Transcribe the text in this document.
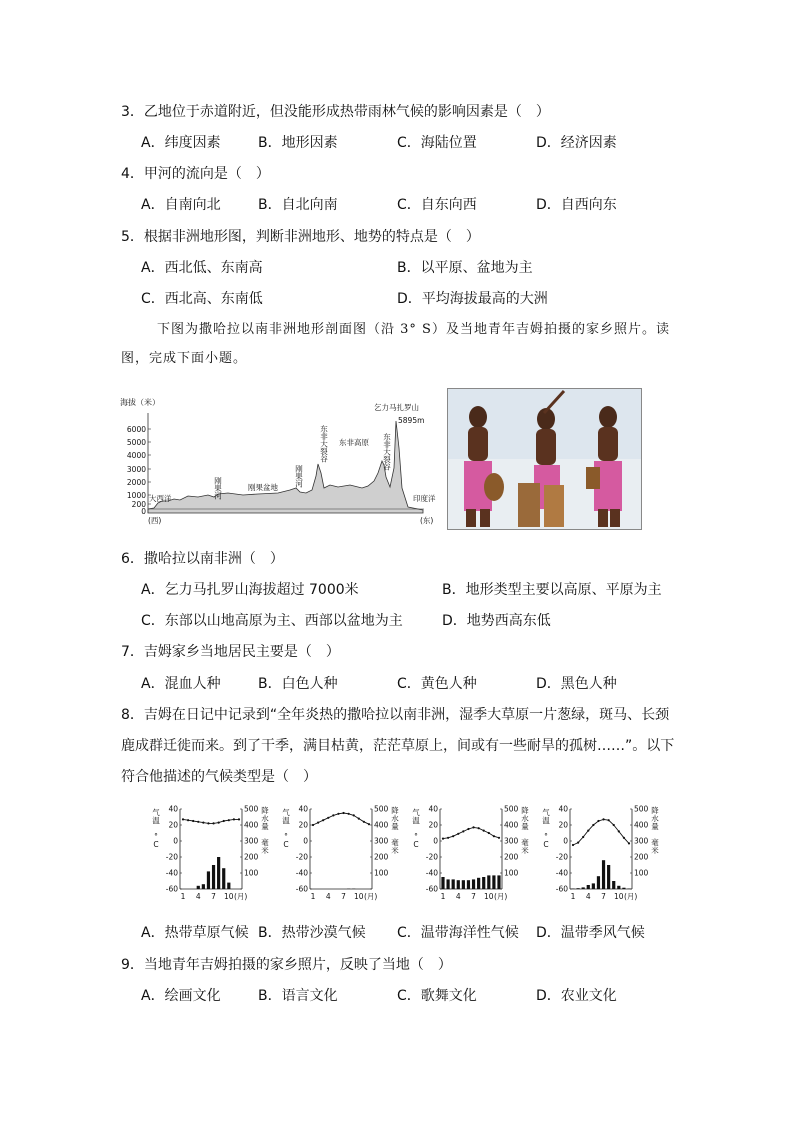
3．乙地位于赤道附近，但没能形成热带雨林气候的影响因素是（　）
A．纬度因素	B．地形因素	C．海陆位置	D．经济因素
4．甲河的流向是（　）
A．自南向北	B．自北向南	C．自东向西	D．自西向东
5．根据非洲地形图，判断非洲地形、地势的特点是（　）
A．西北低、东南高	B．以平原、盆地为主
C．西北高、东南低	D．平均海拔最高的大洲
下图为撒哈拉以南非洲地形剖面图（沿 3° S）及当地青年吉姆拍摄的家乡照片。读
图，完成下面小题。
海拔（米）
6000
5000
4000
3000
2000
1000
200
0
大西洋	刚果河	刚果盆地 刚果河
东非大裂谷 东非高原
乞力马扎罗山
5895m
东非大裂谷
印度洋
(西)	(东)
6．撒哈拉以南非洲（　）
A．乞力马扎罗山海拔超过 7000米	B．地形类型主要以高原、平原为主
C．东部以山地高原为主、西部以盆地为主	D．地势西高东低
7．吉姆家乡当地居民主要是（　）
A．混血人种	B．白色人种	C．黄色人种	D．黑色人种
8．吉姆在日记中记录到“全年炎热的撒哈拉以南非洲，湿季大草原一片葱绿，斑马、长颈
鹿成群迁徙而来。到了干季，满目枯黄，茫茫草原上，间或有一些耐旱的孤树……”。以下
符合他描述的气候类型是（　）
气
温
°
C
降
水
量
毫
米
40
20
0
-20
-40
-60
500
400
300
200
100
1 4 7 10 (月)
气
温
°
C
降
水
量
毫
米
40
20
0
-20
-40
-60
500
400
300
200
100
1 4 7 10 (月)
气
温
°
C
降
水
量
毫
米
40
20
0
-20
-40
-60
500
400
300
200
100
1 4 7 10 (月)
气
温
°
C
降
水
量
毫
米
40
20
0
-20
-40
-60
500
400
300
200
100
1 4 7 10 (月)
A．热带草原气候 B．热带沙漠气候 C．温带海洋性气候 D．温带季风气候
9．当地青年吉姆拍摄的家乡照片，反映了当地（　）
A．绘画文化	B．语言文化	C．歌舞文化	D．农业文化
